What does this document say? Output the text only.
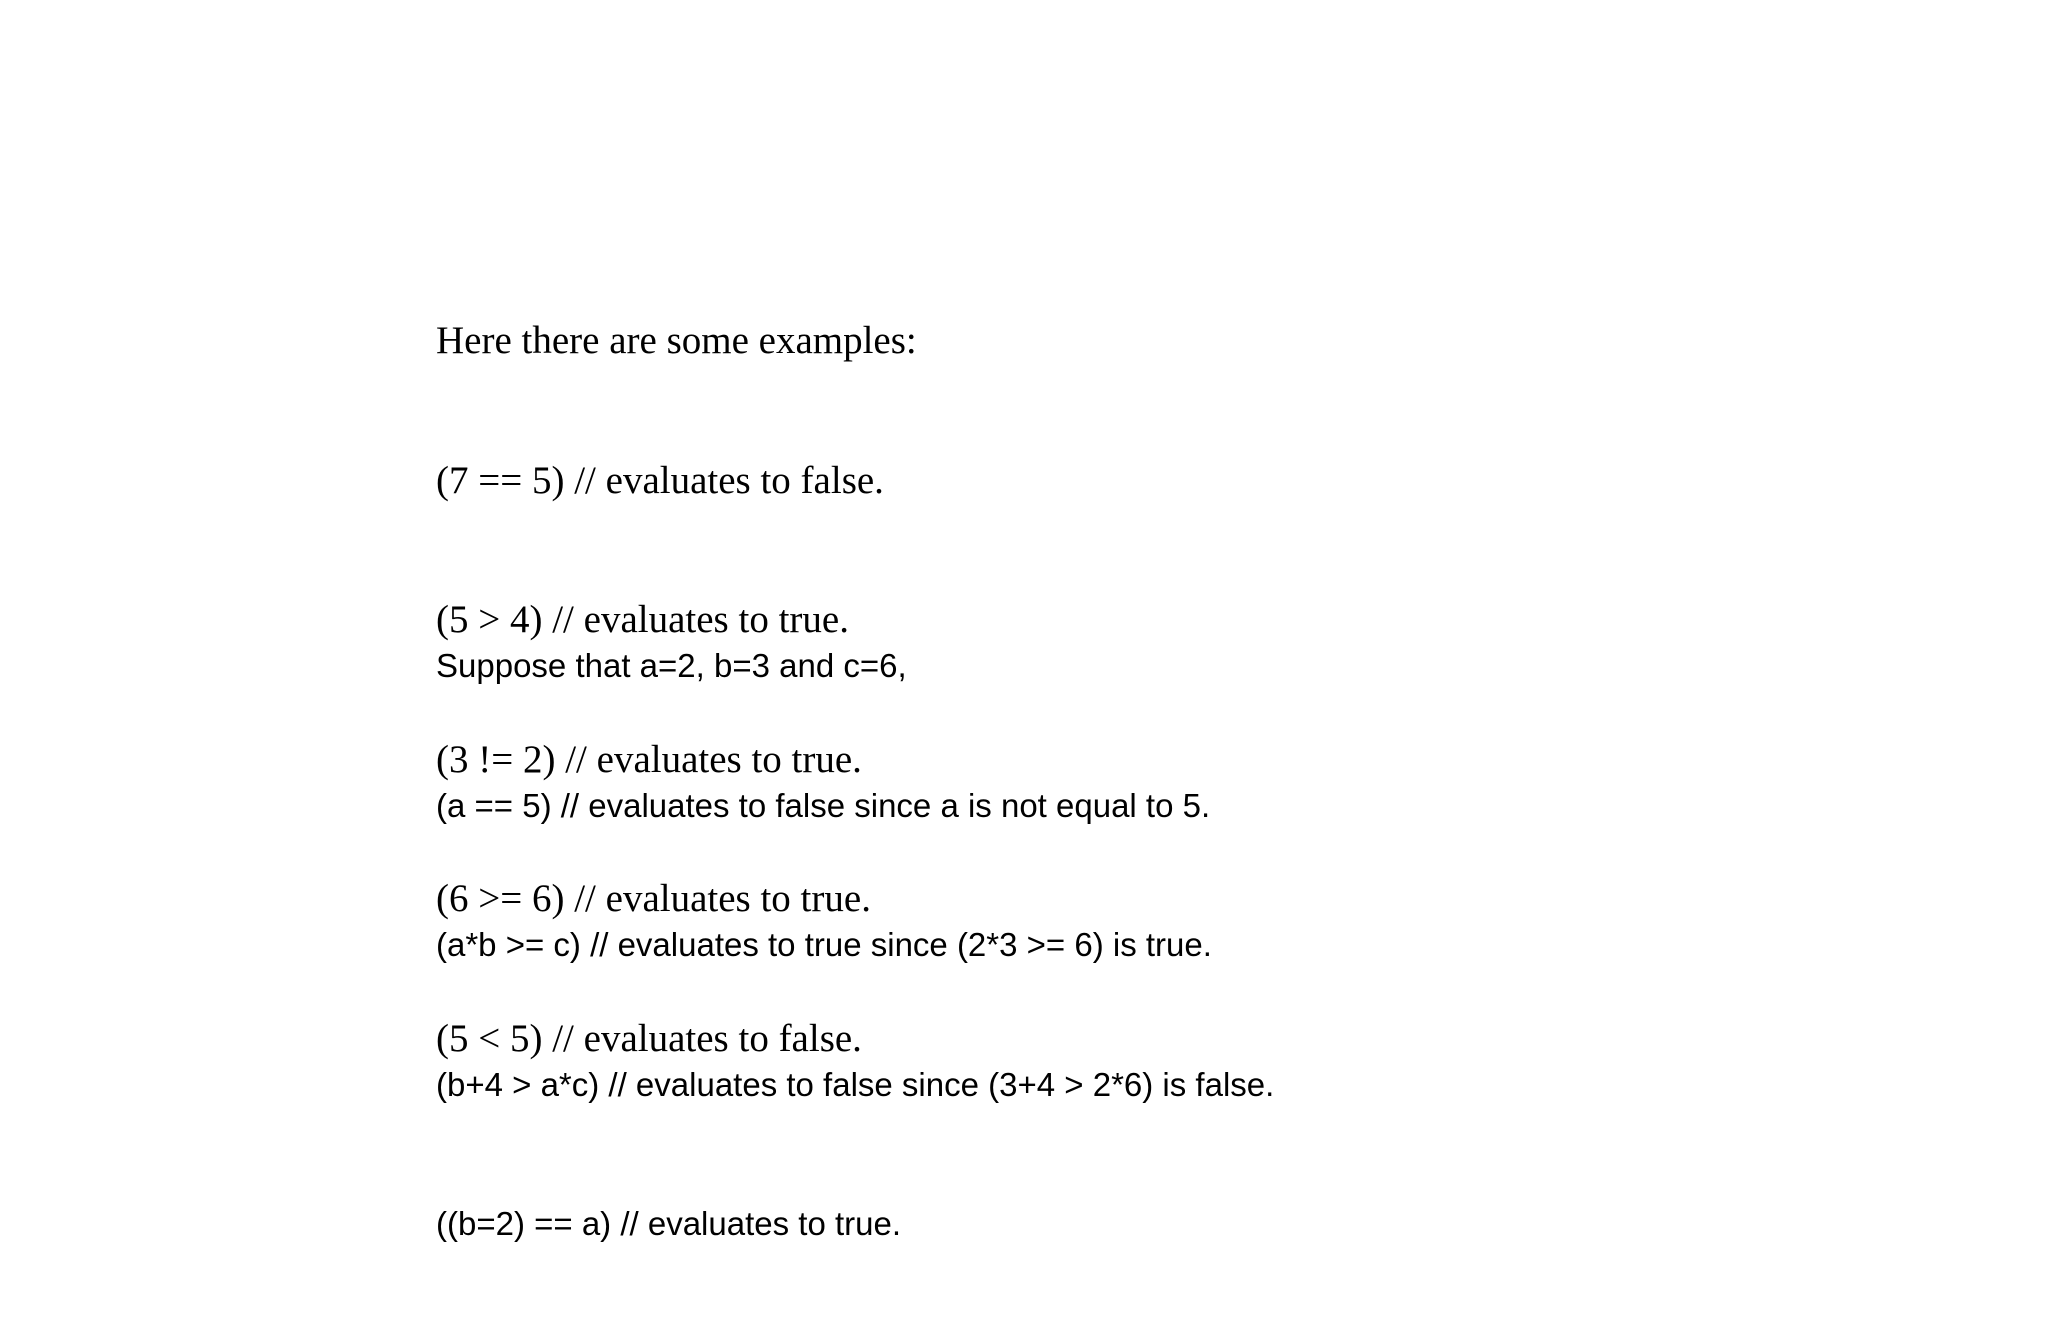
Here there are some examples:

(7 == 5) // evaluates to false.

(5 > 4) // evaluates to true.

(3 != 2) // evaluates to true.

(6 >= 6) // evaluates to true.

(5 < 5) // evaluates to false.

Suppose that a=2, b=3 and c=6,

(a == 5) // evaluates to false since a is not equal to 5.

(a*b >= c) // evaluates to true since (2*3 >= 6) is true.

(b+4 > a*c) // evaluates to false since (3+4 > 2*6) is false.

((b=2) == a) // evaluates to true.
